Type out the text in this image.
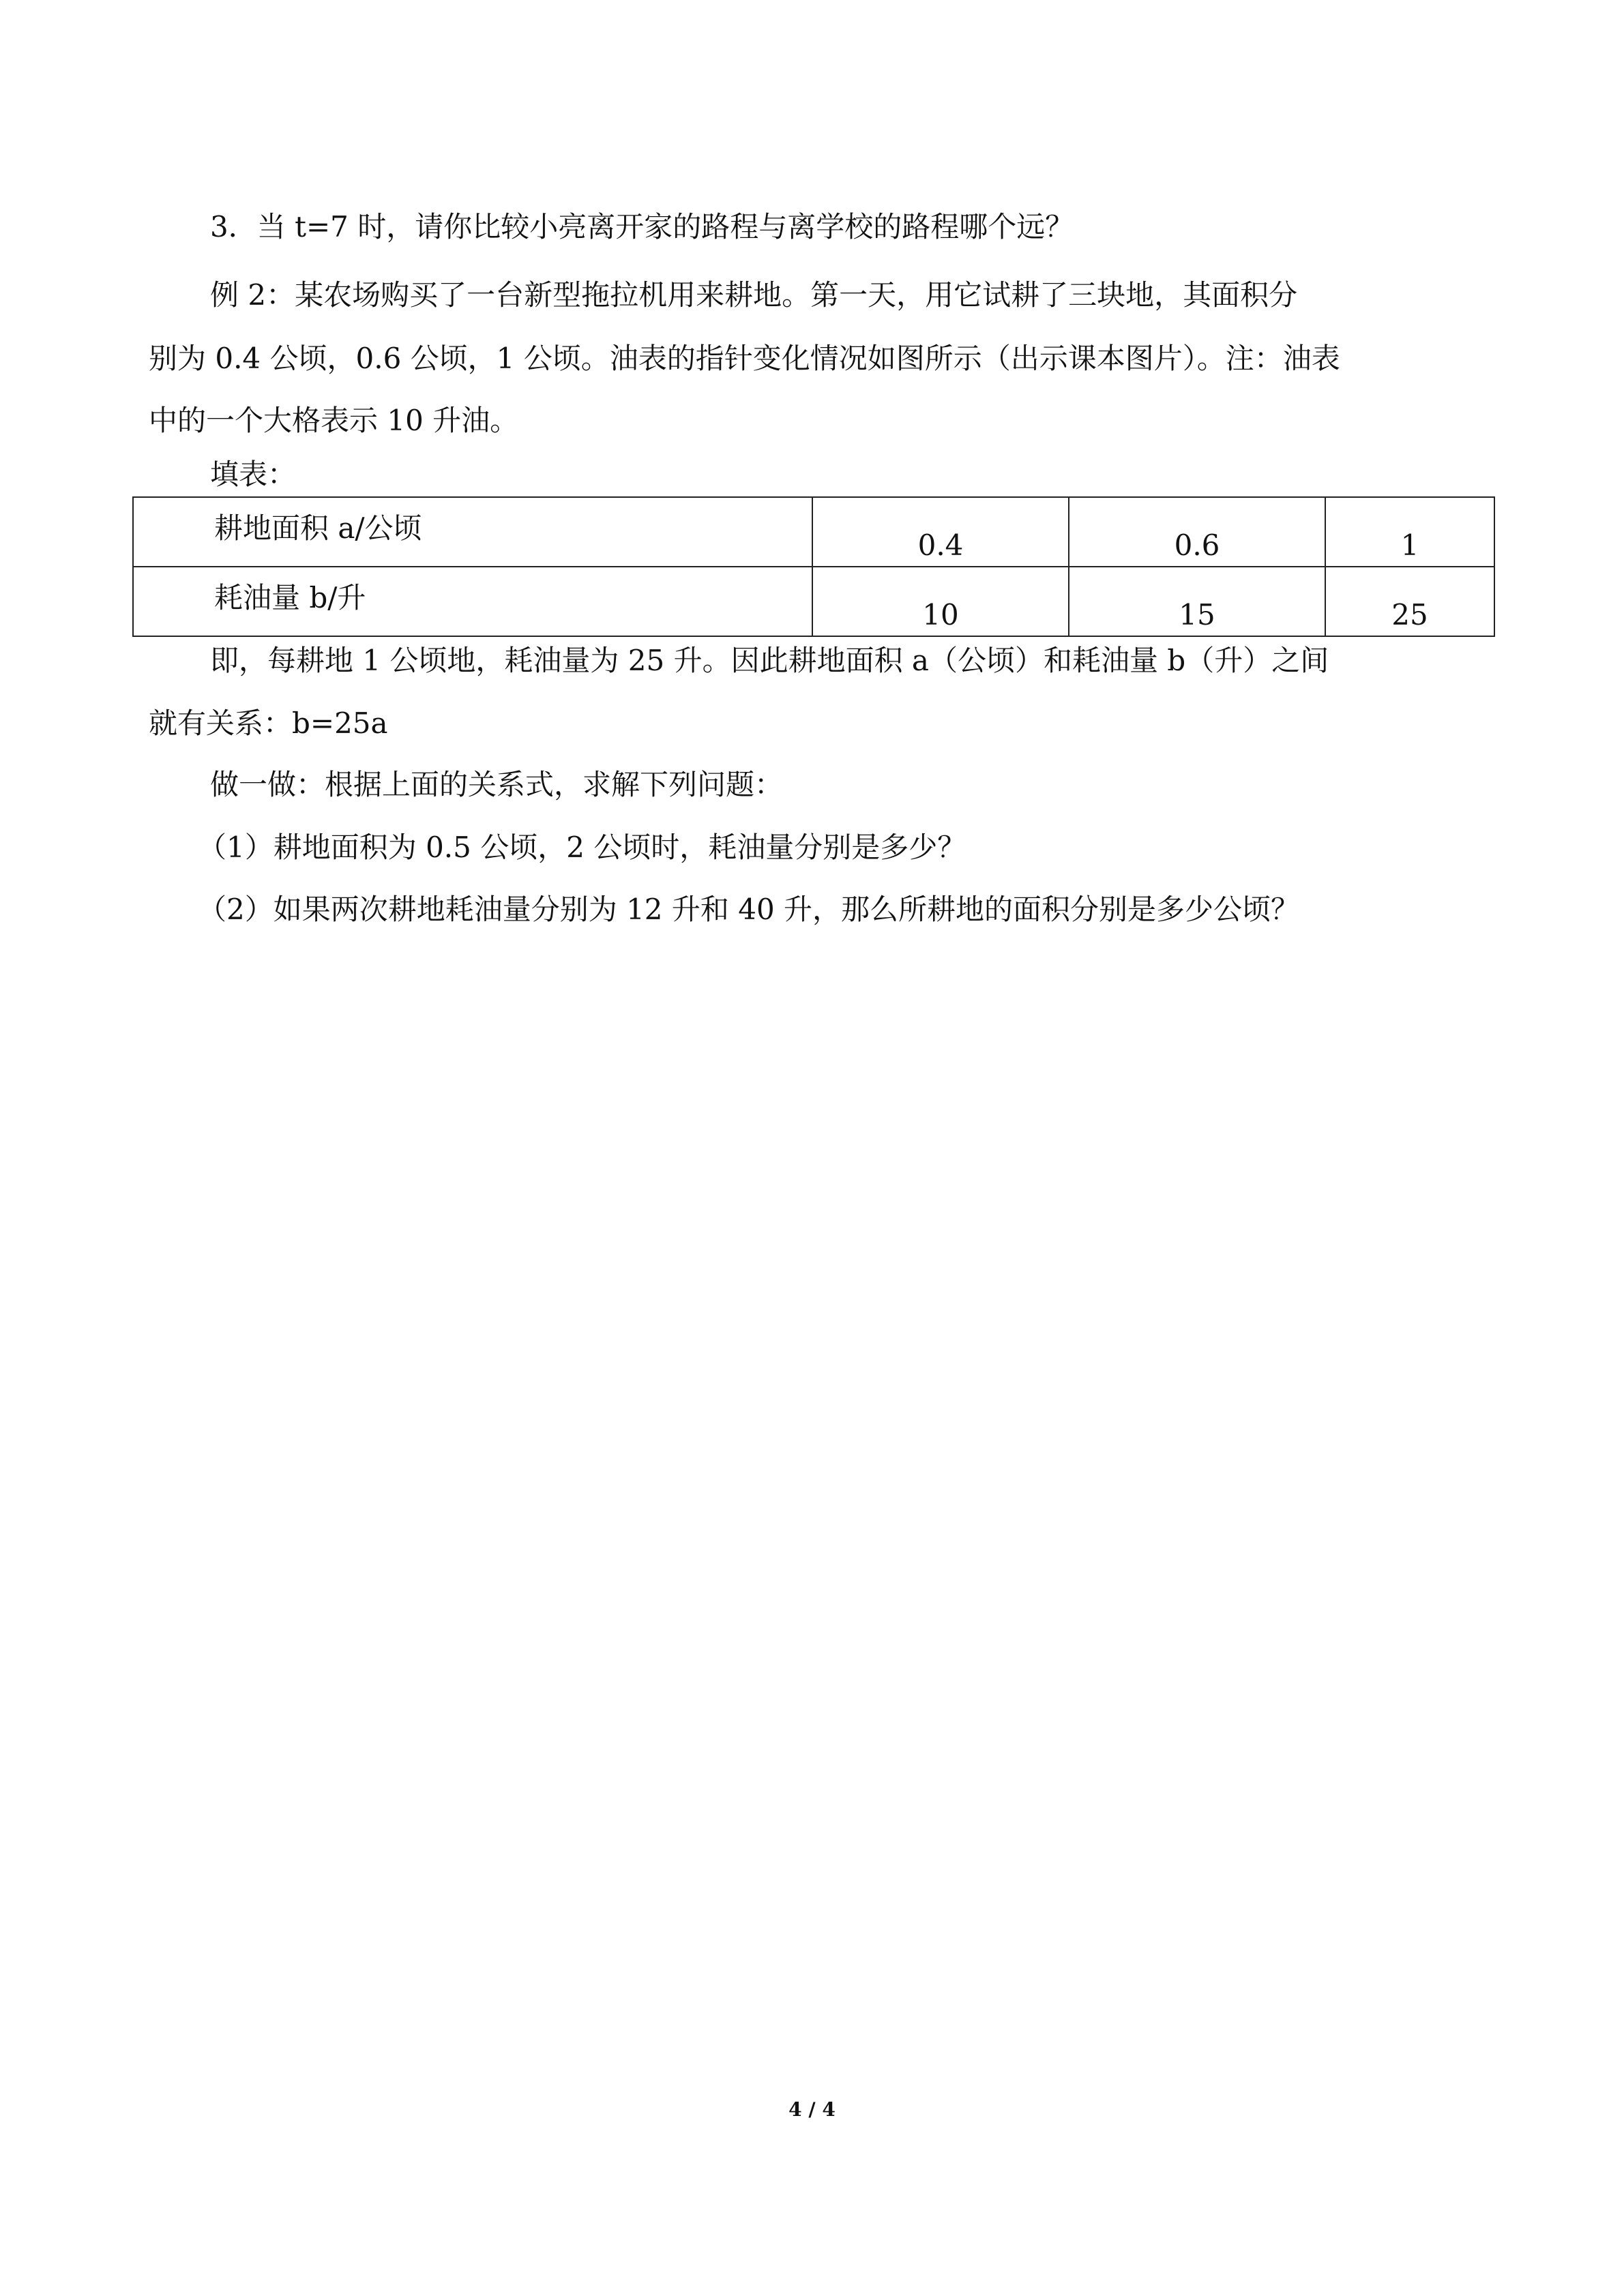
3．当 t=7 时，请你比较小亮离开家的路程与离学校的路程哪个远？
例 2：某农场购买了一台新型拖拉机用来耕地。第一天，用它试耕了三块地，其面积分
别为 0.4 公顷，0.6 公顷，1 公顷。油表的指针变化情况如图所示（出示课本图片）。注：油表
中的一个大格表示 10 升油。
填表：
耕地面积 a/公顷	0.4	0.6	1
耗油量 b/升	10	15	25
即，每耕地 1 公顷地，耗油量为 25 升。因此耕地面积 a（公顷）和耗油量 b（升）之间
就有关系：b=25a
做一做：根据上面的关系式，求解下列问题：
（1）耕地面积为 0.5 公顷，2 公顷时，耗油量分别是多少？
（2）如果两次耕地耗油量分别为 12 升和 40 升，那么所耕地的面积分别是多少公顷？
4 / 4
